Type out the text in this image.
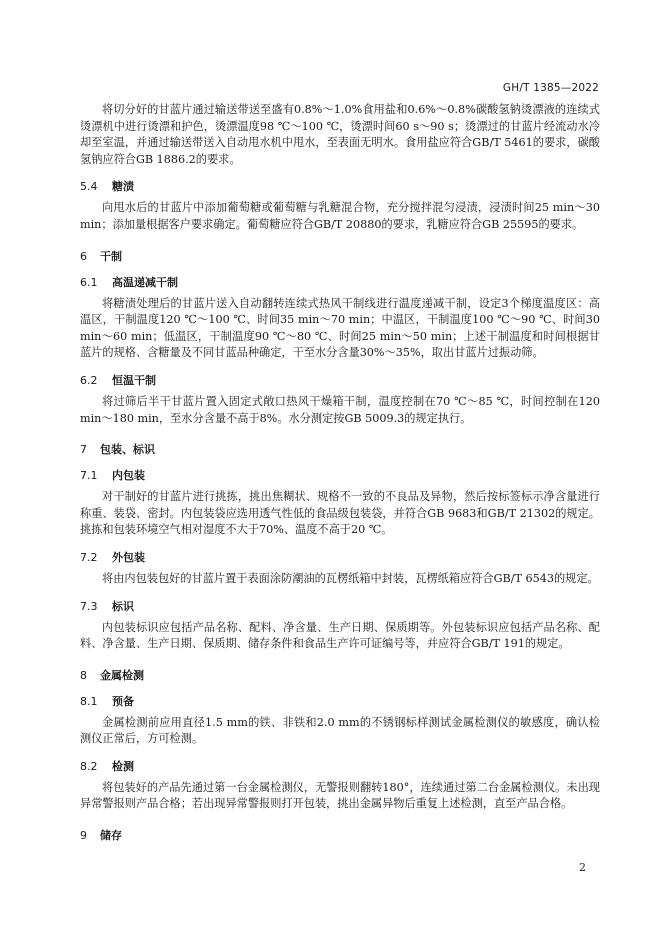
GH/T 1385—2022

将切分好的甘蓝片通过输送带送至盛有0.8%～1.0%食用盐和0.6%～0.8%碳酸氢钠烫漂液的连续式烫漂机中进行烫漂和护色，烫漂温度98 ℃～100 ℃，烫漂时间60 s～90 s；烫漂过的甘蓝片经流动水冷却至室温，并通过输送带送入自动甩水机中甩水，至表面无明水。食用盐应符合GB/T 5461的要求，碳酸氢钠应符合GB 1886.2的要求。

5.4 糖渍

向甩水后的甘蓝片中添加葡萄糖或葡萄糖与乳糖混合物，充分搅拌混匀浸渍，浸渍时间25 min～30 min；添加量根据客户要求确定。葡萄糖应符合GB/T 20880的要求，乳糖应符合GB 25595的要求。

6 干制
6.1 高温递减干制

将糖渍处理后的甘蓝片送入自动翻转连续式热风干制线进行温度递减干制，设定3个梯度温度区：高温区，干制温度120 ℃～100 ℃、时间35 min～70 min；中温区，干制温度100 ℃～90 ℃、时间30 min～60 min；低温区，干制温度90 ℃～80 ℃、时间25 min～50 min；上述干制温度和时间根据甘蓝片的规格、含糖量及不同甘蓝品种确定，干至水分含量30%～35%，取出甘蓝片过振动筛。

6.2 恒温干制

将过筛后半干甘蓝片置入固定式敞口热风干燥箱干制，温度控制在70 ℃～85 ℃，时间控制在120 min～180 min，至水分含量不高于8%。水分测定按GB 5009.3的规定执行。

7 包装、标识
7.1 内包装

对干制好的甘蓝片进行挑拣，挑出焦糊状、规格不一致的不良品及异物，然后按标签标示净含量进行称重、装袋、密封。内包装袋应选用透气性低的食品级包装袋，并符合GB 9683和GB/T 21302的规定。挑拣和包装环境空气相对湿度不大于70%、温度不高于20 ℃。

7.2 外包装

将由内包装包好的甘蓝片置于表面涂防潮油的瓦楞纸箱中封装，瓦楞纸箱应符合GB/T 6543的规定。

7.3 标识

内包装标识应包括产品名称、配料、净含量、生产日期、保质期等。外包装标识应包括产品名称、配料、净含量、生产日期、保质期、储存条件和食品生产许可证编号等，并应符合GB/T 191的规定。

8 金属检测
8.1 预备

金属检测前应用直径1.5 mm的铁、非铁和2.0 mm的不锈钢标样测试金属检测仪的敏感度，确认检测仪正常后，方可检测。

8.2 检测

将包装好的产品先通过第一台金属检测仪，无警报则翻转180°，连续通过第二台金属检测仪。未出现异常警报则产品合格；若出现异常警报则打开包装，挑出金属异物后重复上述检测，直至产品合格。

9 储存
2
